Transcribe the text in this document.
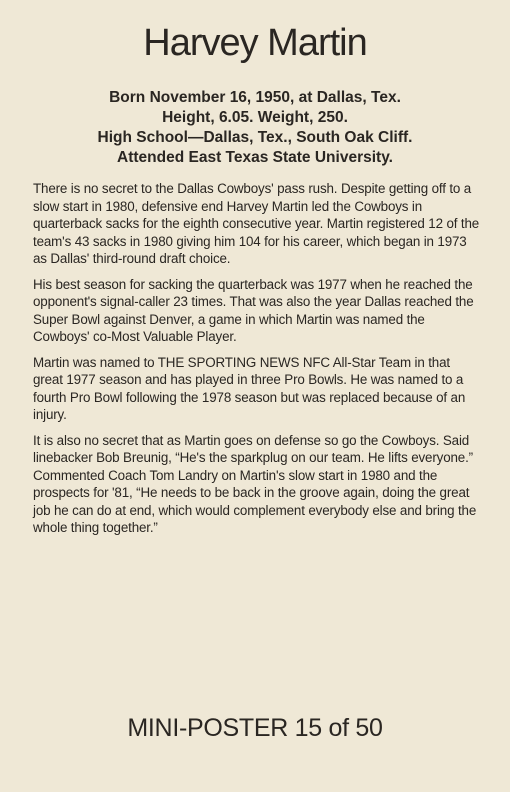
Harvey Martin
Born November 16, 1950, at Dallas, Tex.
Height, 6.05. Weight, 250.
High School—Dallas, Tex., South Oak Cliff.
Attended East Texas State University.

There is no secret to the Dallas Cowboys' pass rush. Despite getting off to a slow start in 1980, defensive end Harvey Martin led the Cowboys in quarterback sacks for the eighth consecutive year. Martin registered 12 of the team's 43 sacks in 1980 giving him 104 for his career, which began in 1973 as Dallas' third-round draft choice.

His best season for sacking the quarterback was 1977 when he reached the opponent's signal-caller 23 times. That was also the year Dallas reached the Super Bowl against Denver, a game in which Martin was named the Cowboys' co-Most Valuable Player.

Martin was named to THE SPORTING NEWS NFC All-Star Team in that great 1977 season and has played in three Pro Bowls. He was named to a fourth Pro Bowl following the 1978 season but was replaced because of an injury.

It is also no secret that as Martin goes on defense so go the Cowboys. Said linebacker Bob Breunig, “He's the sparkplug on our team. He lifts everyone.” Commented Coach Tom Landry on Martin's slow start in 1980 and the prospects for '81, “He needs to be back in the groove again, doing the great job he can do at end, which would complement everybody else and bring the whole thing together.”

MINI-POSTER 15 of 50
